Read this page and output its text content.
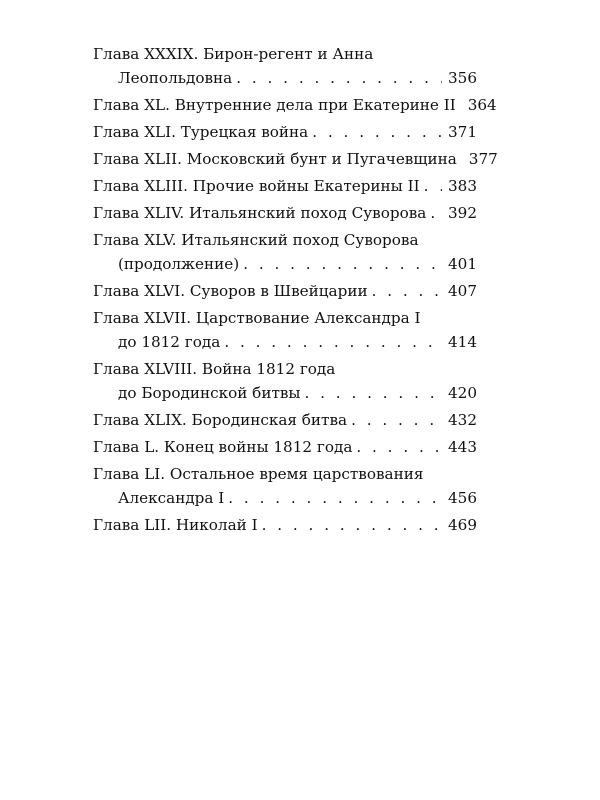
Глава XXXIX. Бирон-регент и Анна
Леопольдовна . . .	356
Глава XL. Внутренние дела при Екатерине II 364
Глава XLI. Турецкая война . . .	371
Глава XLII. Московский бунт и Пугачевщина 377
Глава XLIII. Прочие войны Екатерины II . . .	383
Глава XLIV. Итальянский поход Суворова . . .	392
Глава XLV. Итальянский поход Суворова
(продолжение) . . .	401
Глава XLVI. Суворов в Швейцарии . . .	407
Глава XLVII. Царствование Александра I
до 1812 года . . .	414
Глава XLVIII. Война 1812 года
до Бородинской битвы . . .	420
Глава XLIX. Бородинская битва . . .	432
Глава L. Конец войны 1812 года . . .	443
Глава LI. Остальное время царствования
Александра I . . .	456
Глава LII. Николай I . . .	469
